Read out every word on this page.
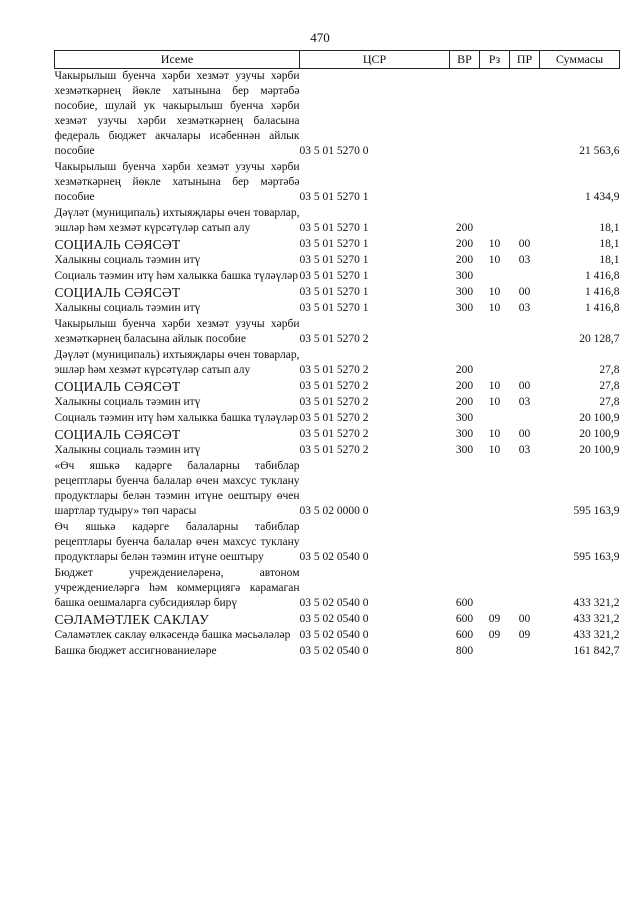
470
Исеме	ЦСР	ВР	Рз	ПР	Суммасы
Чакырылыш буенча хәрби хезмәт узучы хәрби хезмәткәрнең йөкле хатынына бер мәртәбә пособие, шулай ук чакырылыш буенча хәрби хезмәт узучы хәрби хезмәткәрнең баласына федераль бюджет акчалары исәбеннән айлык пособие	03 5 01 5270 0				21 563,6
Чакырылыш буенча хәрби хезмәт узучы хәрби хезмәткәрнең йөкле хатынына бер мәртәбә пособие	03 5 01 5270 1				1 434,9
Дәүләт (муниципаль) ихтыяҗлары өчен товарлар, эшләр һәм хезмәт күрсәтүләр сатып алу	03 5 01 5270 1	200			18,1
СОЦИАЛЬ СӘЯСӘТ	03 5 01 5270 1	200	10	00	18,1
Халыкны социаль тәэмин итү	03 5 01 5270 1	200	10	03	18,1
Социаль тәэмин итү һәм халыкка башка түләүләр	03 5 01 5270 1	300			1 416,8
СОЦИАЛЬ СӘЯСӘТ	03 5 01 5270 1	300	10	00	1 416,8
Халыкны социаль тәэмин итү	03 5 01 5270 1	300	10	03	1 416,8
Чакырылыш буенча хәрби хезмәт узучы хәрби хезмәткәрнең баласына айлык пособие	03 5 01 5270 2				20 128,7
Дәүләт (муниципаль) ихтыяҗлары өчен товарлар, эшләр һәм хезмәт күрсәтүләр сатып алу	03 5 01 5270 2	200			27,8
СОЦИАЛЬ СӘЯСӘТ	03 5 01 5270 2	200	10	00	27,8
Халыкны социаль тәэмин итү	03 5 01 5270 2	200	10	03	27,8
Социаль тәэмин итү һәм халыкка башка түләүләр	03 5 01 5270 2	300			20 100,9
СОЦИАЛЬ СӘЯСӘТ	03 5 01 5270 2	300	10	00	20 100,9
Халыкны социаль тәэмин итү	03 5 01 5270 2	300	10	03	20 100,9
«Өч яшькә кадәрге балаларны табиблар рецептлары буенча балалар өчен махсус туклану продуктлары белән тәэмин итүне оештыру өчен шартлар тудыру» төп чарасы	03 5 02 0000 0				595 163,9
Өч яшькә кадәрге балаларны табиблар рецептлары буенча балалар өчен махсус туклану продуктлары белән тәэмин итүне оештыру	03 5 02 0540 0				595 163,9
Бюджет учреждениеләренә, автоном учреждениеләргә һәм коммерциягә карамаган башка оешмаларга субсидияләр бирү	03 5 02 0540 0	600			433 321,2
СӘЛАМӘТЛЕК САКЛАУ	03 5 02 0540 0	600	09	00	433 321,2
Сәламәтлек саклау өлкәсендә башка мәсьәләләр	03 5 02 0540 0	600	09	09	433 321,2
Башка бюджет ассигнованиеләре	03 5 02 0540 0	800			161 842,7
